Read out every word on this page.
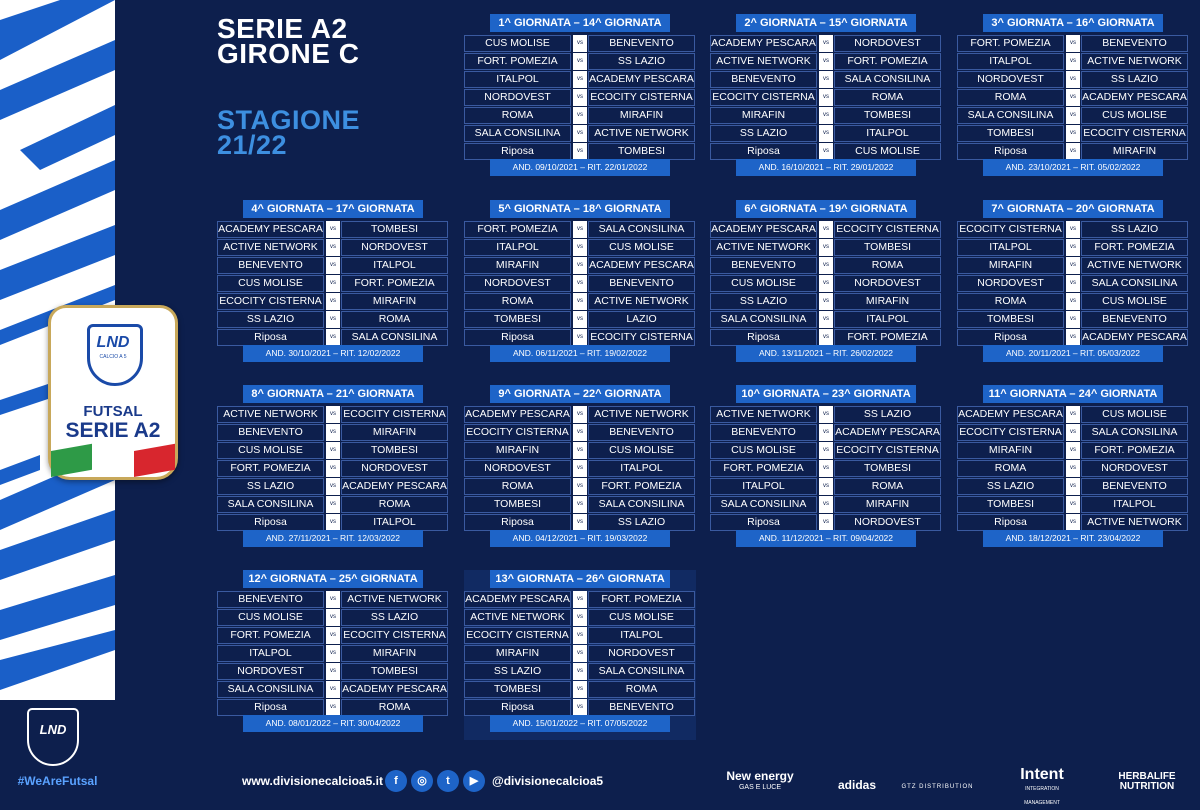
LND
#WeAreFutsal
LND
CALCIO A 5
FUTSAL
SERIE A2
SERIE A2
GIRONE C
STAGIONE
21/22
1^ GIORNATA – 14^ GIORNATA
CUS MOLISE	vs	BENEVENTO
FORT. POMEZIA	vs	SS LAZIO
ITALPOL	vs ACADEMY PESCARA
NORDOVEST	vs ECOCITY CISTERNA
ROMA	vs	MIRAFIN
SALA CONSILINA	vs	ACTIVE NETWORK
Riposa	vs	TOMBESI
AND. 09/10/2021 – RIT. 22/01/2022
2^ GIORNATA – 15^ GIORNATA
ACADEMY PESCARA	vs	NORDOVEST
ACTIVE NETWORK	vs	FORT. POMEZIA
BENEVENTO	vs	SALA CONSILINA
ECOCITY CISTERNA	vs	ROMA
MIRAFIN	vs	TOMBESI
SS LAZIO	vs	ITALPOL
Riposa	vs	CUS MOLISE
AND. 16/10/2021 – RIT. 29/01/2022
3^ GIORNATA – 16^ GIORNATA
FORT. POMEZIA	vs	BENEVENTO
ITALPOL	vs	ACTIVE NETWORK
NORDOVEST	vs	SS LAZIO
ROMA	vs ACADEMY PESCARA
SALA CONSILINA	vs	CUS MOLISE
TOMBESI	vs ECOCITY CISTERNA
Riposa	vs	MIRAFIN
AND. 23/10/2021 – RIT. 05/02/2022
4^ GIORNATA – 17^ GIORNATA
ACADEMY PESCARA	vs	TOMBESI
ACTIVE NETWORK	vs	NORDOVEST
BENEVENTO	vs	ITALPOL
CUS MOLISE	vs	FORT. POMEZIA
ECOCITY CISTERNA	vs	MIRAFIN
SS LAZIO	vs	ROMA
Riposa	vs	SALA CONSILINA
AND. 30/10/2021 – RIT. 12/02/2022
5^ GIORNATA – 18^ GIORNATA
FORT. POMEZIA	vs	SALA CONSILINA
ITALPOL	vs	CUS MOLISE
MIRAFIN	vs ACADEMY PESCARA
NORDOVEST	vs	BENEVENTO
ROMA	vs	ACTIVE NETWORK
TOMBESI	vs	LAZIO
Riposa	vs ECOCITY CISTERNA
AND. 06/11/2021 – RIT. 19/02/2022
6^ GIORNATA – 19^ GIORNATA
ACADEMY PESCARA	vs ECOCITY CISTERNA
ACTIVE NETWORK	vs	TOMBESI
BENEVENTO	vs	ROMA
CUS MOLISE	vs	NORDOVEST
SS LAZIO	vs	MIRAFIN
SALA CONSILINA	vs	ITALPOL
Riposa	vs	FORT. POMEZIA
AND. 13/11/2021 – RIT. 26/02/2022
7^ GIORNATA – 20^ GIORNATA
ECOCITY CISTERNA	vs	SS LAZIO
ITALPOL	vs	FORT. POMEZIA
MIRAFIN	vs	ACTIVE NETWORK
NORDOVEST	vs	SALA CONSILINA
ROMA	vs	CUS MOLISE
TOMBESI	vs	BENEVENTO
Riposa	vs ACADEMY PESCARA
AND. 20/11/2021 – RIT. 05/03/2022
8^ GIORNATA – 21^ GIORNATA
ACTIVE NETWORK	vs ECOCITY CISTERNA
BENEVENTO	vs	MIRAFIN
CUS MOLISE	vs	TOMBESI
FORT. POMEZIA	vs	NORDOVEST
SS LAZIO	vs ACADEMY PESCARA
SALA CONSILINA	vs	ROMA
Riposa	vs	ITALPOL
AND. 27/11/2021 – RIT. 12/03/2022
9^ GIORNATA – 22^ GIORNATA
ACADEMY PESCARA	vs	ACTIVE NETWORK
ECOCITY CISTERNA	vs	BENEVENTO
MIRAFIN	vs	CUS MOLISE
NORDOVEST	vs	ITALPOL
ROMA	vs	FORT. POMEZIA
TOMBESI	vs	SALA CONSILINA
Riposa	vs	SS LAZIO
AND. 04/12/2021 – RIT. 19/03/2022
10^ GIORNATA – 23^ GIORNATA
ACTIVE NETWORK	vs	SS LAZIO
BENEVENTO	vs ACADEMY PESCARA
CUS MOLISE	vs ECOCITY CISTERNA
FORT. POMEZIA	vs	TOMBESI
ITALPOL	vs	ROMA
SALA CONSILINA	vs	MIRAFIN
Riposa	vs	NORDOVEST
AND. 11/12/2021 – RIT. 09/04/2022
11^ GIORNATA – 24^ GIORNATA
ACADEMY PESCARA	vs	CUS MOLISE
ECOCITY CISTERNA	vs	SALA CONSILINA
MIRAFIN	vs	FORT. POMEZIA
ROMA	vs	NORDOVEST
SS LAZIO	vs	BENEVENTO
TOMBESI	vs	ITALPOL
Riposa	vs	ACTIVE NETWORK
AND. 18/12/2021 – RIT. 23/04/2022
12^ GIORNATA – 25^ GIORNATA
BENEVENTO	vs	ACTIVE NETWORK
CUS MOLISE	vs	SS LAZIO
FORT. POMEZIA	vs ECOCITY CISTERNA
ITALPOL	vs	MIRAFIN
NORDOVEST	vs	TOMBESI
SALA CONSILINA	vs ACADEMY PESCARA
Riposa	vs	ROMA
AND. 08/01/2022 – RIT. 30/04/2022
13^ GIORNATA – 26^ GIORNATA
ACADEMY PESCARA	vs	FORT. POMEZIA
ACTIVE NETWORK	vs	CUS MOLISE
ECOCITY CISTERNA	vs	ITALPOL
MIRAFIN	vs	NORDOVEST
SS LAZIO	vs	SALA CONSILINA
TOMBESI	vs	ROMA
Riposa	vs	BENEVENTO
AND. 15/01/2022 – RIT. 07/05/2022
www.divisionecalcioa5.it	f	◎	t	▶	@divisionecalcioa5	New energy
GAS E LUCE	adidas	GTZ DISTRIBUTION
Intent
INTEGRATION MANAGEMENT
HERBALIFE NUTRITION
